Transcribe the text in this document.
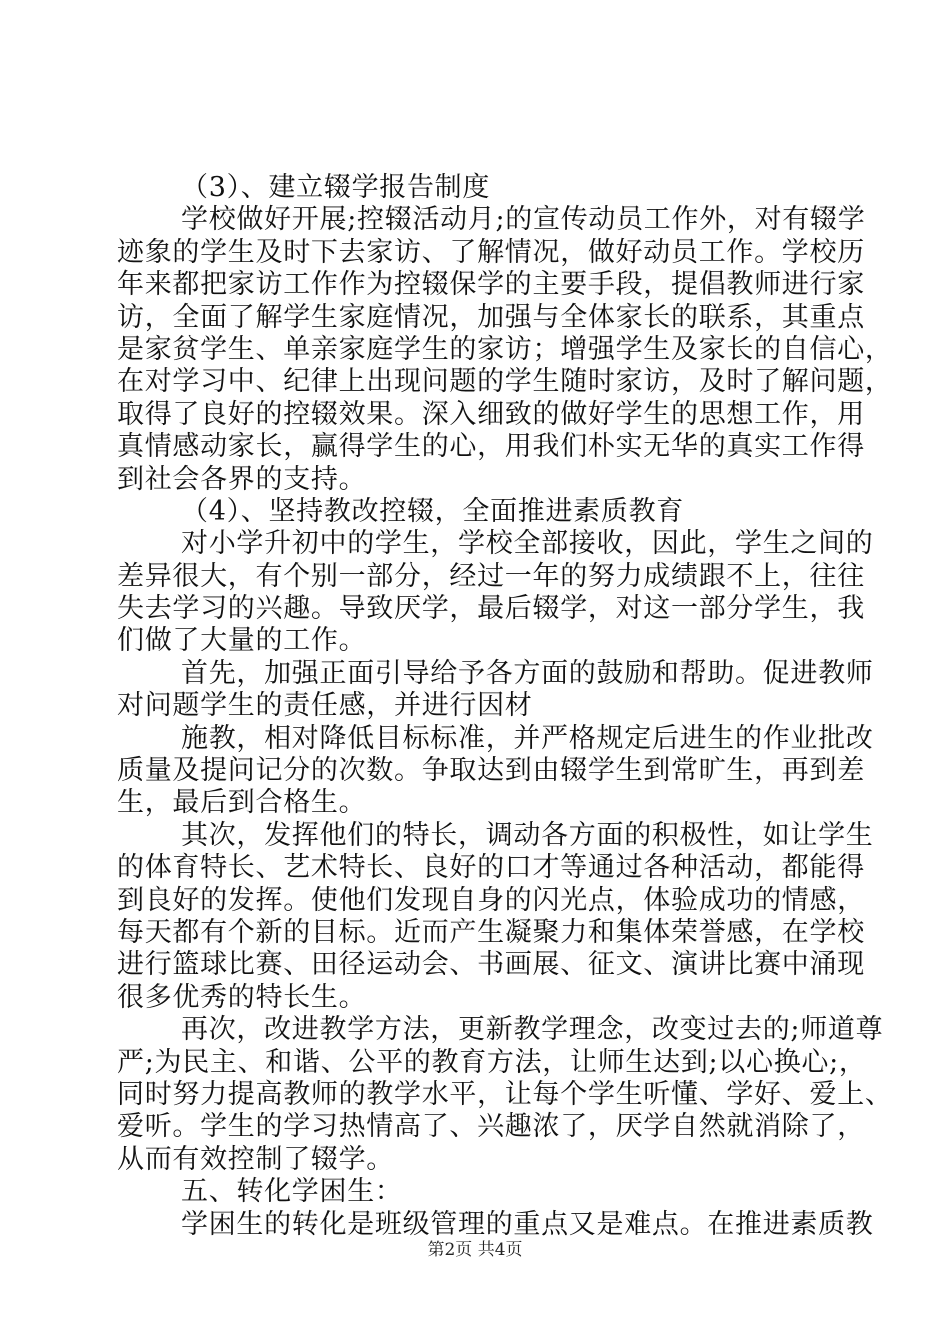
（3）、建立辍学报告制度
学校做好开展;控辍活动月;的宣传动员工作外，对有辍学
迹象的学生及时下去家访、了解情况，做好动员工作。学校历
年来都把家访工作作为控辍保学的主要手段，提倡教师进行家
访，全面了解学生家庭情况，加强与全体家长的联系，其重点
是家贫学生、单亲家庭学生的家访；增强学生及家长的自信心，
在对学习中、纪律上出现问题的学生随时家访，及时了解问题，
取得了良好的控辍效果。深入细致的做好学生的思想工作，用
真情感动家长，赢得学生的心，用我们朴实无华的真实工作得
到社会各界的支持。
（4）、坚持教改控辍，全面推进素质教育
对小学升初中的学生，学校全部接收，因此，学生之间的
差异很大，有个别一部分，经过一年的努力成绩跟不上，往往
失去学习的兴趣。导致厌学，最后辍学，对这一部分学生，我
们做了大量的工作。
首先，加强正面引导给予各方面的鼓励和帮助。促进教师
对问题学生的责任感，并进行因材
施教，相对降低目标标准，并严格规定后进生的作业批改
质量及提问记分的次数。争取达到由辍学生到常旷生，再到差
生，最后到合格生。
其次，发挥他们的特长，调动各方面的积极性，如让学生
的体育特长、艺术特长、良好的口才等通过各种活动，都能得
到良好的发挥。使他们发现自身的闪光点，体验成功的情感，
每天都有个新的目标。近而产生凝聚力和集体荣誉感，在学校
进行篮球比赛、田径运动会、书画展、征文、演讲比赛中涌现
很多优秀的特长生。
再次，改进教学方法，更新教学理念，改变过去的;师道尊
严;为民主、和谐、公平的教育方法，让师生达到;以心换心;，
同时努力提高教师的教学水平，让每个学生听懂、学好、爱上、
爱听。学生的学习热情高了、兴趣浓了，厌学自然就消除了，
从而有效控制了辍学。
五、转化学困生：
学困生的转化是班级管理的重点又是难点。在推进素质教
第2页 共4页
